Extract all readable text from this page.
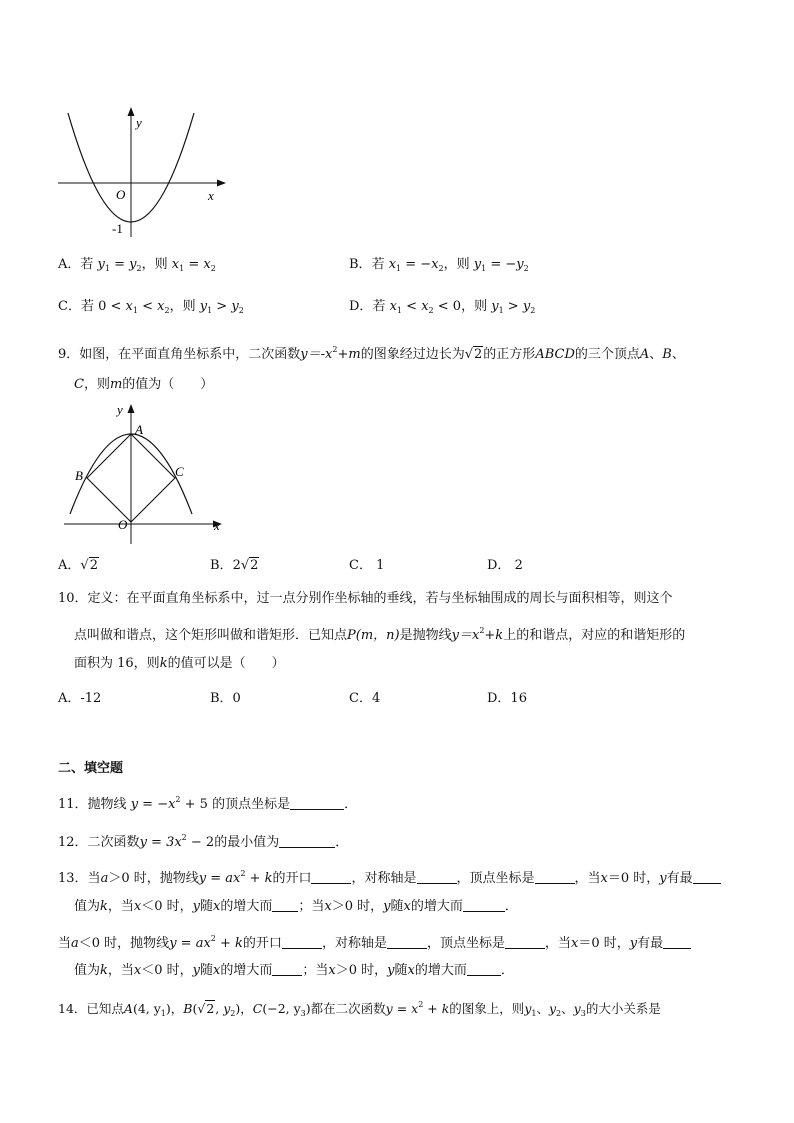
y
x
O
-1
A．若 $y_1 = y_2$，则 $x_1 = x_2$	B．若 $x_1 = -x_2$，则 $y_1 = -y_2$
C．若 $0 < x_1 < x_2$，则 $y_1 > y_2$	D．若 $x_1 < x_2 < 0$，则 $y_1 > y_2$
9．如图，在平面直角坐标系中，二次函数$y=-x^2+m$的图象经过边长为√2的正方形ABCD的三个顶点A、B、
C，则m的值为（　　）
y
x
O
A
B	C
A．√2	B．2√2	C． 1	D． 2
10．定义：在平面直角坐标系中，过一点分别作坐标轴的垂线，若与坐标轴围成的周长与面积相等，则这个
点叫做和谐点，这个矩形叫做和谐矩形．已知点P(m，n)是抛物线$y=x^2+k$上的和谐点，对应的和谐矩形的
面积为 16，则k的值可以是（　　）
A．-12	B．0	C．4	D．16
二、填空题
11．抛物线 $y = -x^2 + 5$ 的顶点坐标是	．
12．二次函数$y = 3x^2 - 2$的最小值为	．
13．当a＞0 时，抛物线$y = ax^2 + k$的开口	，对称轴是	，顶点坐标是	，当x＝0 时，y有最
值为k，当x＜0 时，y随x的增大而 ；当x＞0 时，y随x的增大而	．
当a＜0 时，抛物线$y = ax^2 + k$的开口	，对称轴是	，顶点坐标是	，当x＝0 时，y有最
值为k，当x＜0 时，y随x的增大而 ；当x＞0 时，y随x的增大而	．
14．已知点A(4, $y_1$)，B(√2, $y_2$)，C(−2, $y_3$)都在二次函数$y = x^2 + k$的图象上，则$y_1$、$y_2$、$y_3$的大小关系是
